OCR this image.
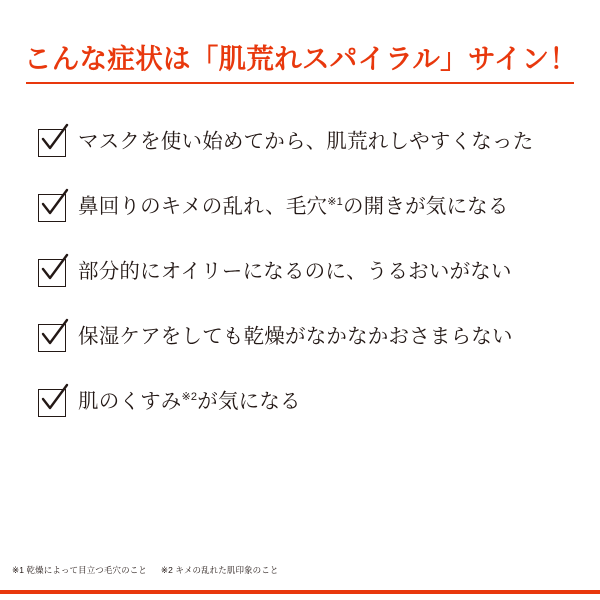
こんな症状は「肌荒れスパイラル」サイン！
マスクを使い始めてから、肌荒れしやすくなった
鼻回りのキメの乱れ、毛穴$^{※1}$の開きが気になる
部分的にオイリーになるのに、うるおいがない
保湿ケアをしても乾燥がなかなかおさまらない
肌のくすみ$^{※2}$が気になる
※1 乾燥によって目立つ毛穴のこと ※2 キメの乱れた肌印象のこと
